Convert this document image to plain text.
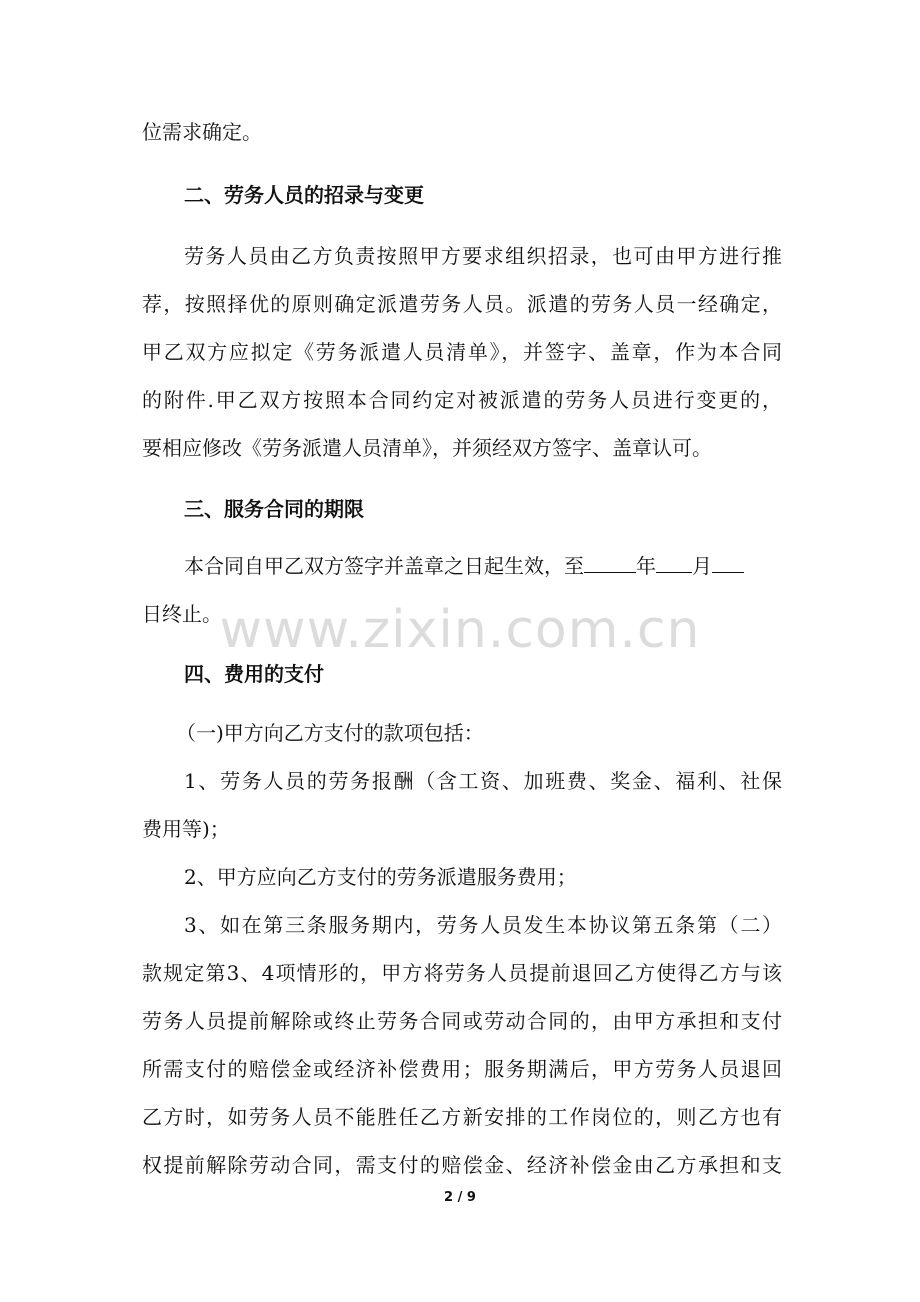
位需求确定。
二、劳务人员的招录与变更
劳务人员由乙方负责按照甲方要求组织招录，也可由甲方进行推
荐，按照择优的原则确定派遣劳务人员。派遣的劳务人员一经确定，
甲乙双方应拟定《劳务派遣人员清单》，并签字、盖章，作为本合同
的附件.甲乙双方按照本合同约定对被派遣的劳务人员进行变更的，
要相应修改《劳务派遣人员清单》，并须经双方签字、盖章认可。
三、服务合同的期限
本合同自甲乙双方签字并盖章之日起生效，至	年 月
日终止。
四、费用的支付
（一)甲方向乙方支付的款项包括：
1、劳务人员的劳务报酬（含工资、加班费、奖金、福利、社保
费用等)；
2、甲方应向乙方支付的劳务派遣服务费用；
3、如在第三条服务期内，劳务人员发生本协议第五条第（二）
款规定第3、4项情形的，甲方将劳务人员提前退回乙方使得乙方与该
劳务人员提前解除或终止劳务合同或劳动合同的，由甲方承担和支付
所需支付的赔偿金或经济补偿费用；服务期满后，甲方劳务人员退回
乙方时，如劳务人员不能胜任乙方新安排的工作岗位的，则乙方也有
权提前解除劳动合同，需支付的赔偿金、经济补偿金由乙方承担和支
www.zixin.com.cn
2 / 9
